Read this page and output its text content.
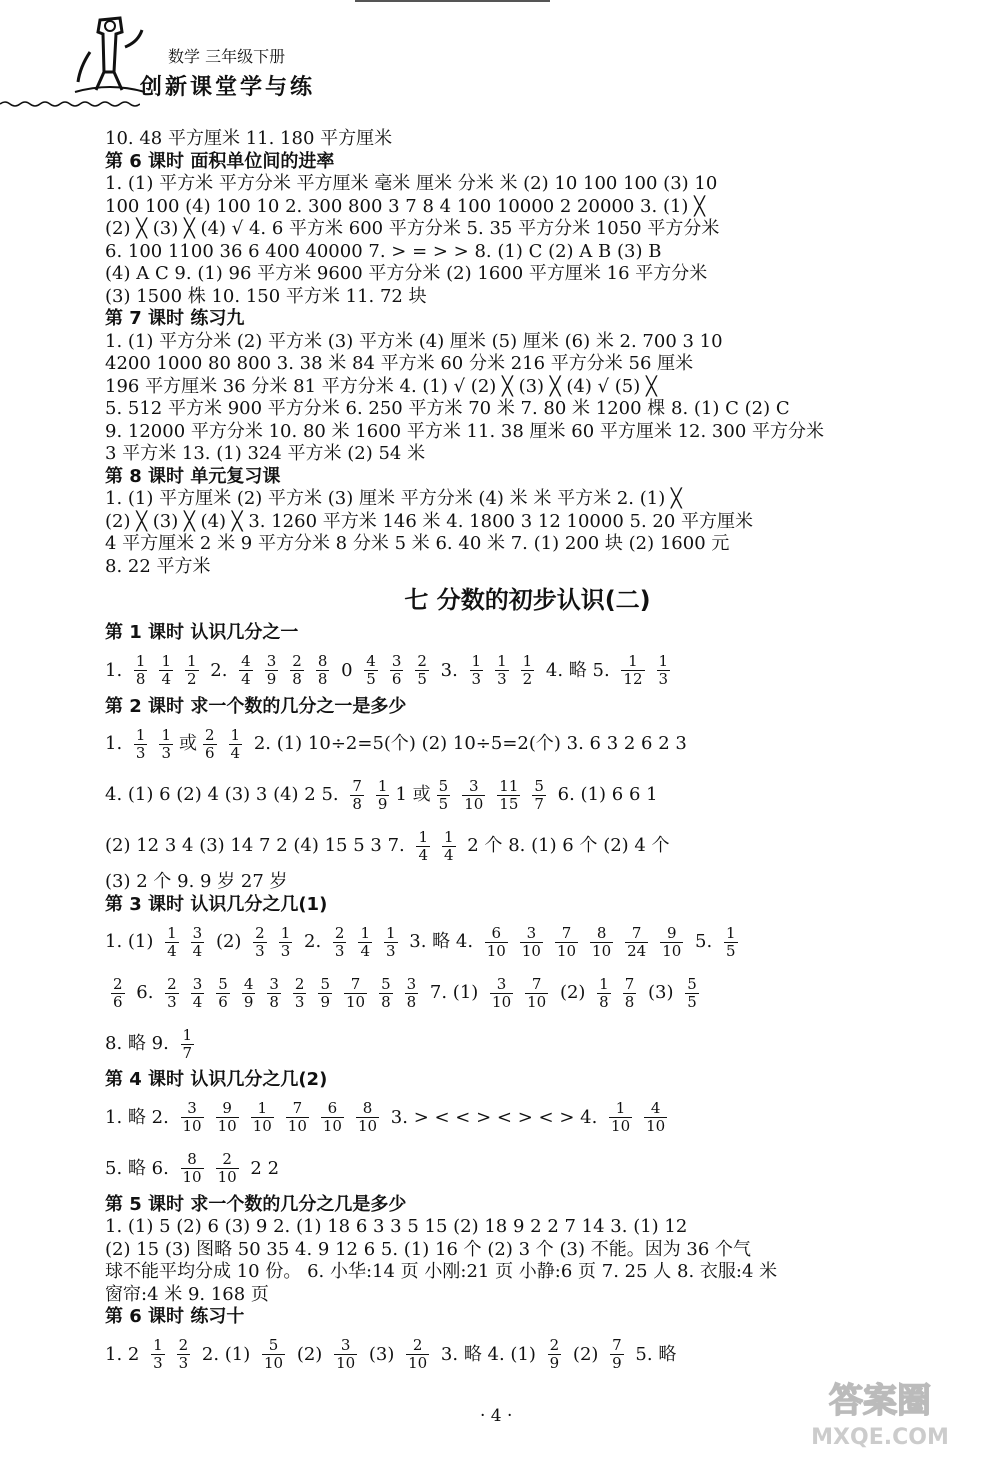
数学 三年级下册
创新课堂学与练
10. 48 平方厘米 11. 180 平方厘米
第 6 课时 面积单位间的进率
1. (1) 平方米 平方分米 平方厘米 毫米 厘米 分米 米 (2) 10 100 100 (3) 10
100 100 (4) 100 10 2. 300 800 3 7 8 4 100 10000 2 20000 3. (1) ╳
(2) ╳ (3) ╳ (4) √ 4. 6 平方米 600 平方分米 5. 35 平方分米 1050 平方分米
6. 100 1100 36 6 400 40000 7. > = > > 8. (1) C (2) A B (3) B
(4) A C 9. (1) 96 平方米 9600 平方分米 (2) 1600 平方厘米 16 平方分米
(3) 1500 株 10. 150 平方米 11. 72 块
第 7 课时 练习九
1. (1) 平方分米 (2) 平方米 (3) 平方米 (4) 厘米 (5) 厘米 (6) 米 2. 700 3 10
4200 1000 80 800 3. 38 米 84 平方米 60 分米 216 平方分米 56 厘米
196 平方厘米 36 分米 81 平方分米 4. (1) √ (2) ╳ (3) ╳ (4) √ (5) ╳
5. 512 平方米 900 平方分米 6. 250 平方米 70 米 7. 80 米 1200 棵 8. (1) C (2) C
9. 12000 平方分米 10. 80 米 1600 平方米 11. 38 厘米 60 平方厘米 12. 300 平方分米
3 平方米 13. (1) 324 平方米 (2) 54 米
第 8 课时 单元复习课
1. (1) 平方厘米 (2) 平方米 (3) 厘米 平方分米 (4) 米 米 平方米 2. (1) ╳
(2) ╳ (3) ╳ (4) ╳ 3. 1260 平方米 146 米 4. 1800 3 12 10000 5. 20 平方厘米
4 平方厘米 2 米 9 平方分米 8 分米 5 米 6. 40 米 7. (1) 200 块 (2) 1600 元
8. 22 平方米
七 分数的初步认识(二)
第 1 课时 认识几分之一
1. $\frac{1}{8} \frac{1}{4} \frac{1}{2} 2$. $\frac{4}{4} \frac{3}{9} \frac{2}{8} \frac{8}{8} 0 \frac{4}{5} \frac{3}{6} \frac{2}{5} 3$. $\frac{1}{3} \frac{1}{3} \frac{1}{2} 4$. 略 5. $\frac{1}{12} \frac{1}{3}$
第 2 课时 求一个数的几分之一是多少
1. $\frac{1}{3} \frac{1}{3}$ 或 $\frac{2}{6} \frac{1}{4} 2$. (1) 10÷2=5(个) (2) 10÷5=2(个) 3. 6 3 2 6 2 3
4. (1) 6 (2) 4 (3) 3 (4) 2 5. $\frac{7}{8} \frac{1}{9} 1$ 或 $\frac{5}{5} \frac{3}{10} \frac{11}{15} \frac{5}{7} 6$. (1) 6 6 1
(2) 12 3 4 (3) 14 7 2 (4) 15 5 3 7. $\frac{1}{4} \frac{1}{4} 2$ 个 8. (1) 6 个 (2) 4 个
(3) 2 个 9. 9 岁 27 岁
第 3 课时 认识几分之几(1)
1. $(1) \frac{1}{4} \frac{3}{4} (2) \frac{2}{3} \frac{1}{3} 2$. $\frac{2}{3} \frac{1}{4} \frac{1}{3} 3$. 略 4. $\frac{6}{10} \frac{3}{10} \frac{7}{10} \frac{8}{10} \frac{7}{24} \frac{9}{10} 5$. $\frac{1}{5}$
$\frac{2}{6} 6$. $\frac{2}{3} \frac{3}{4} \frac{5}{6} \frac{4}{9} \frac{3}{8} \frac{2}{3} \frac{5}{9} \frac{7}{10} \frac{5}{8} \frac{3}{8} 7$. $(1) \frac{3}{10} \frac{7}{10} (2) \frac{1}{8} \frac{7}{8} (3) \frac{5}{5}$
8. 略 9. $\frac{1}{7}$
第 4 课时 认识几分之几(2)
1. 略 2. $\frac{3}{10} \frac{9}{10} \frac{1}{10} \frac{7}{10} \frac{6}{10} \frac{8}{10} 3$. > < < > < > < > 4. $\frac{1}{10} \frac{4}{10}$
5. 略 6. $\frac{8}{10} \frac{2}{10} 2$ 2
第 5 课时 求一个数的几分之几是多少
1. (1) 5 (2) 6 (3) 9 2. (1) 18 6 3 3 5 15 (2) 18 9 2 2 7 14 3. (1) 12
(2) 15 (3) 图略 50 35 4. 9 12 6 5. (1) 16 个 (2) 3 个 (3) 不能。因为 36 个气
球不能平均分成 10 份。 6. 小华:14 页 小刚:21 页 小静:6 页 7. 25 人 8. 衣服:4 米
窗帘:4 米 9. 168 页
第 6 课时 练习十
1. $2 \frac{1}{3} \frac{2}{3} 2$. $(1) \frac{5}{10} (2) \frac{3}{10} (3) \frac{2}{10} 3$. 略 4. $(1) \frac{2}{9} (2) \frac{7}{9} 5$. 略
· 4 ·	答案圈
MXQE.COM
